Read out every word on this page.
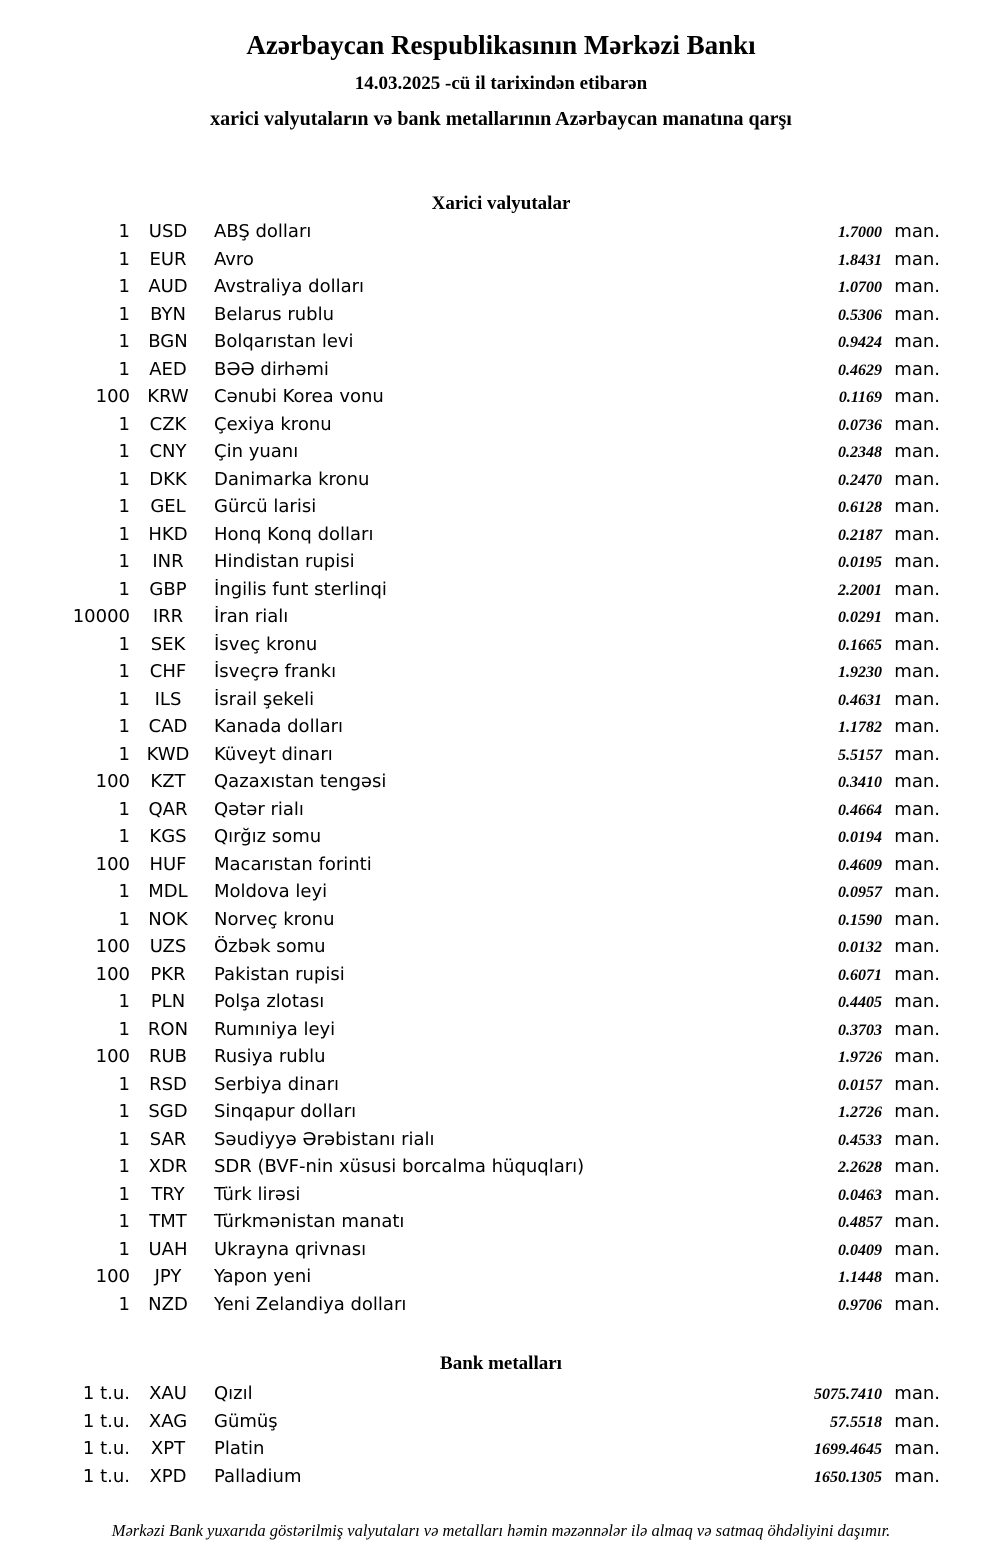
Azərbaycan Respublikasının Mərkəzi Bankı
14.03.2025 -cü il tarixindən etibarən
xarici valyutaların və bank metallarının Azərbaycan manatına qarşı
Xarici valyutalar
1	USD	ABŞ dolları	1.7000 man.
1	EUR	Avro	1.8431 man.
1	AUD	Avstraliya dolları	1.0700 man.
1	BYN	Belarus rublu	0.5306 man.
1	BGN	Bolqarıstan levi	0.9424 man.
1	AED	BƏƏ dirhəmi	0.4629 man.
100 KRW	Cənubi Korea vonu	0.1169 man.
1	CZK	Çexiya kronu	0.0736 man.
1	CNY	Çin yuanı	0.2348 man.
1	DKK	Danimarka kronu	0.2470 man.
1	GEL	Gürcü larisi	0.6128 man.
1	HKD	Honq Konq dolları	0.2187 man.
1	INR	Hindistan rupisi	0.0195 man.
1	GBP	İngilis funt sterlinqi	2.2001 man.
10000	IRR	İran rialı	0.0291 man.
1	SEK	İsveç kronu	0.1665 man.
1	CHF	İsveçrə frankı	1.9230 man.
1	ILS	İsrail şekeli	0.4631 man.
1	CAD	Kanada dolları	1.1782 man.
1 KWD	Küveyt dinarı	5.5157 man.
100	KZT	Qazaxıstan tengəsi	0.3410 man.
1	QAR	Qətər rialı	0.4664 man.
1	KGS	Qırğız somu	0.0194 man.
100	HUF	Macarıstan forinti	0.4609 man.
1	MDL	Moldova leyi	0.0957 man.
1	NOK	Norveç kronu	0.1590 man.
100	UZS	Özbək somu	0.0132 man.
100	PKR	Pakistan rupisi	0.6071 man.
1	PLN	Polşa zlotası	0.4405 man.
1 RON	Rumıniya leyi	0.3703 man.
100	RUB	Rusiya rublu	1.9726 man.
1	RSD	Serbiya dinarı	0.0157 man.
1	SGD	Sinqapur dolları	1.2726 man.
1	SAR	Səudiyyə Ərəbistanı rialı	0.4533 man.
1	XDR	SDR (BVF-nin xüsusi borcalma hüquqları)	2.2628 man.
1	TRY	Türk lirəsi	0.0463 man.
1	TMT	Türkmənistan manatı	0.4857 man.
1	UAH	Ukrayna qrivnası	0.0409 man.
100	JPY	Yapon yeni	1.1448 man.
1	NZD	Yeni Zelandiya dolları	0.9706 man.
Bank metalları
1 t.u.	XAU	Qızıl	5075.7410 man.
1 t.u.	XAG	Gümüş	57.5518 man.
1 t.u.	XPT	Platin	1699.4645 man.
1 t.u.	XPD	Palladium	1650.1305 man.
Mərkəzi Bank yuxarıda göstərilmiş valyutaları və metalları həmin məzənnələr ilə almaq və satmaq öhdəliyini daşımır.
